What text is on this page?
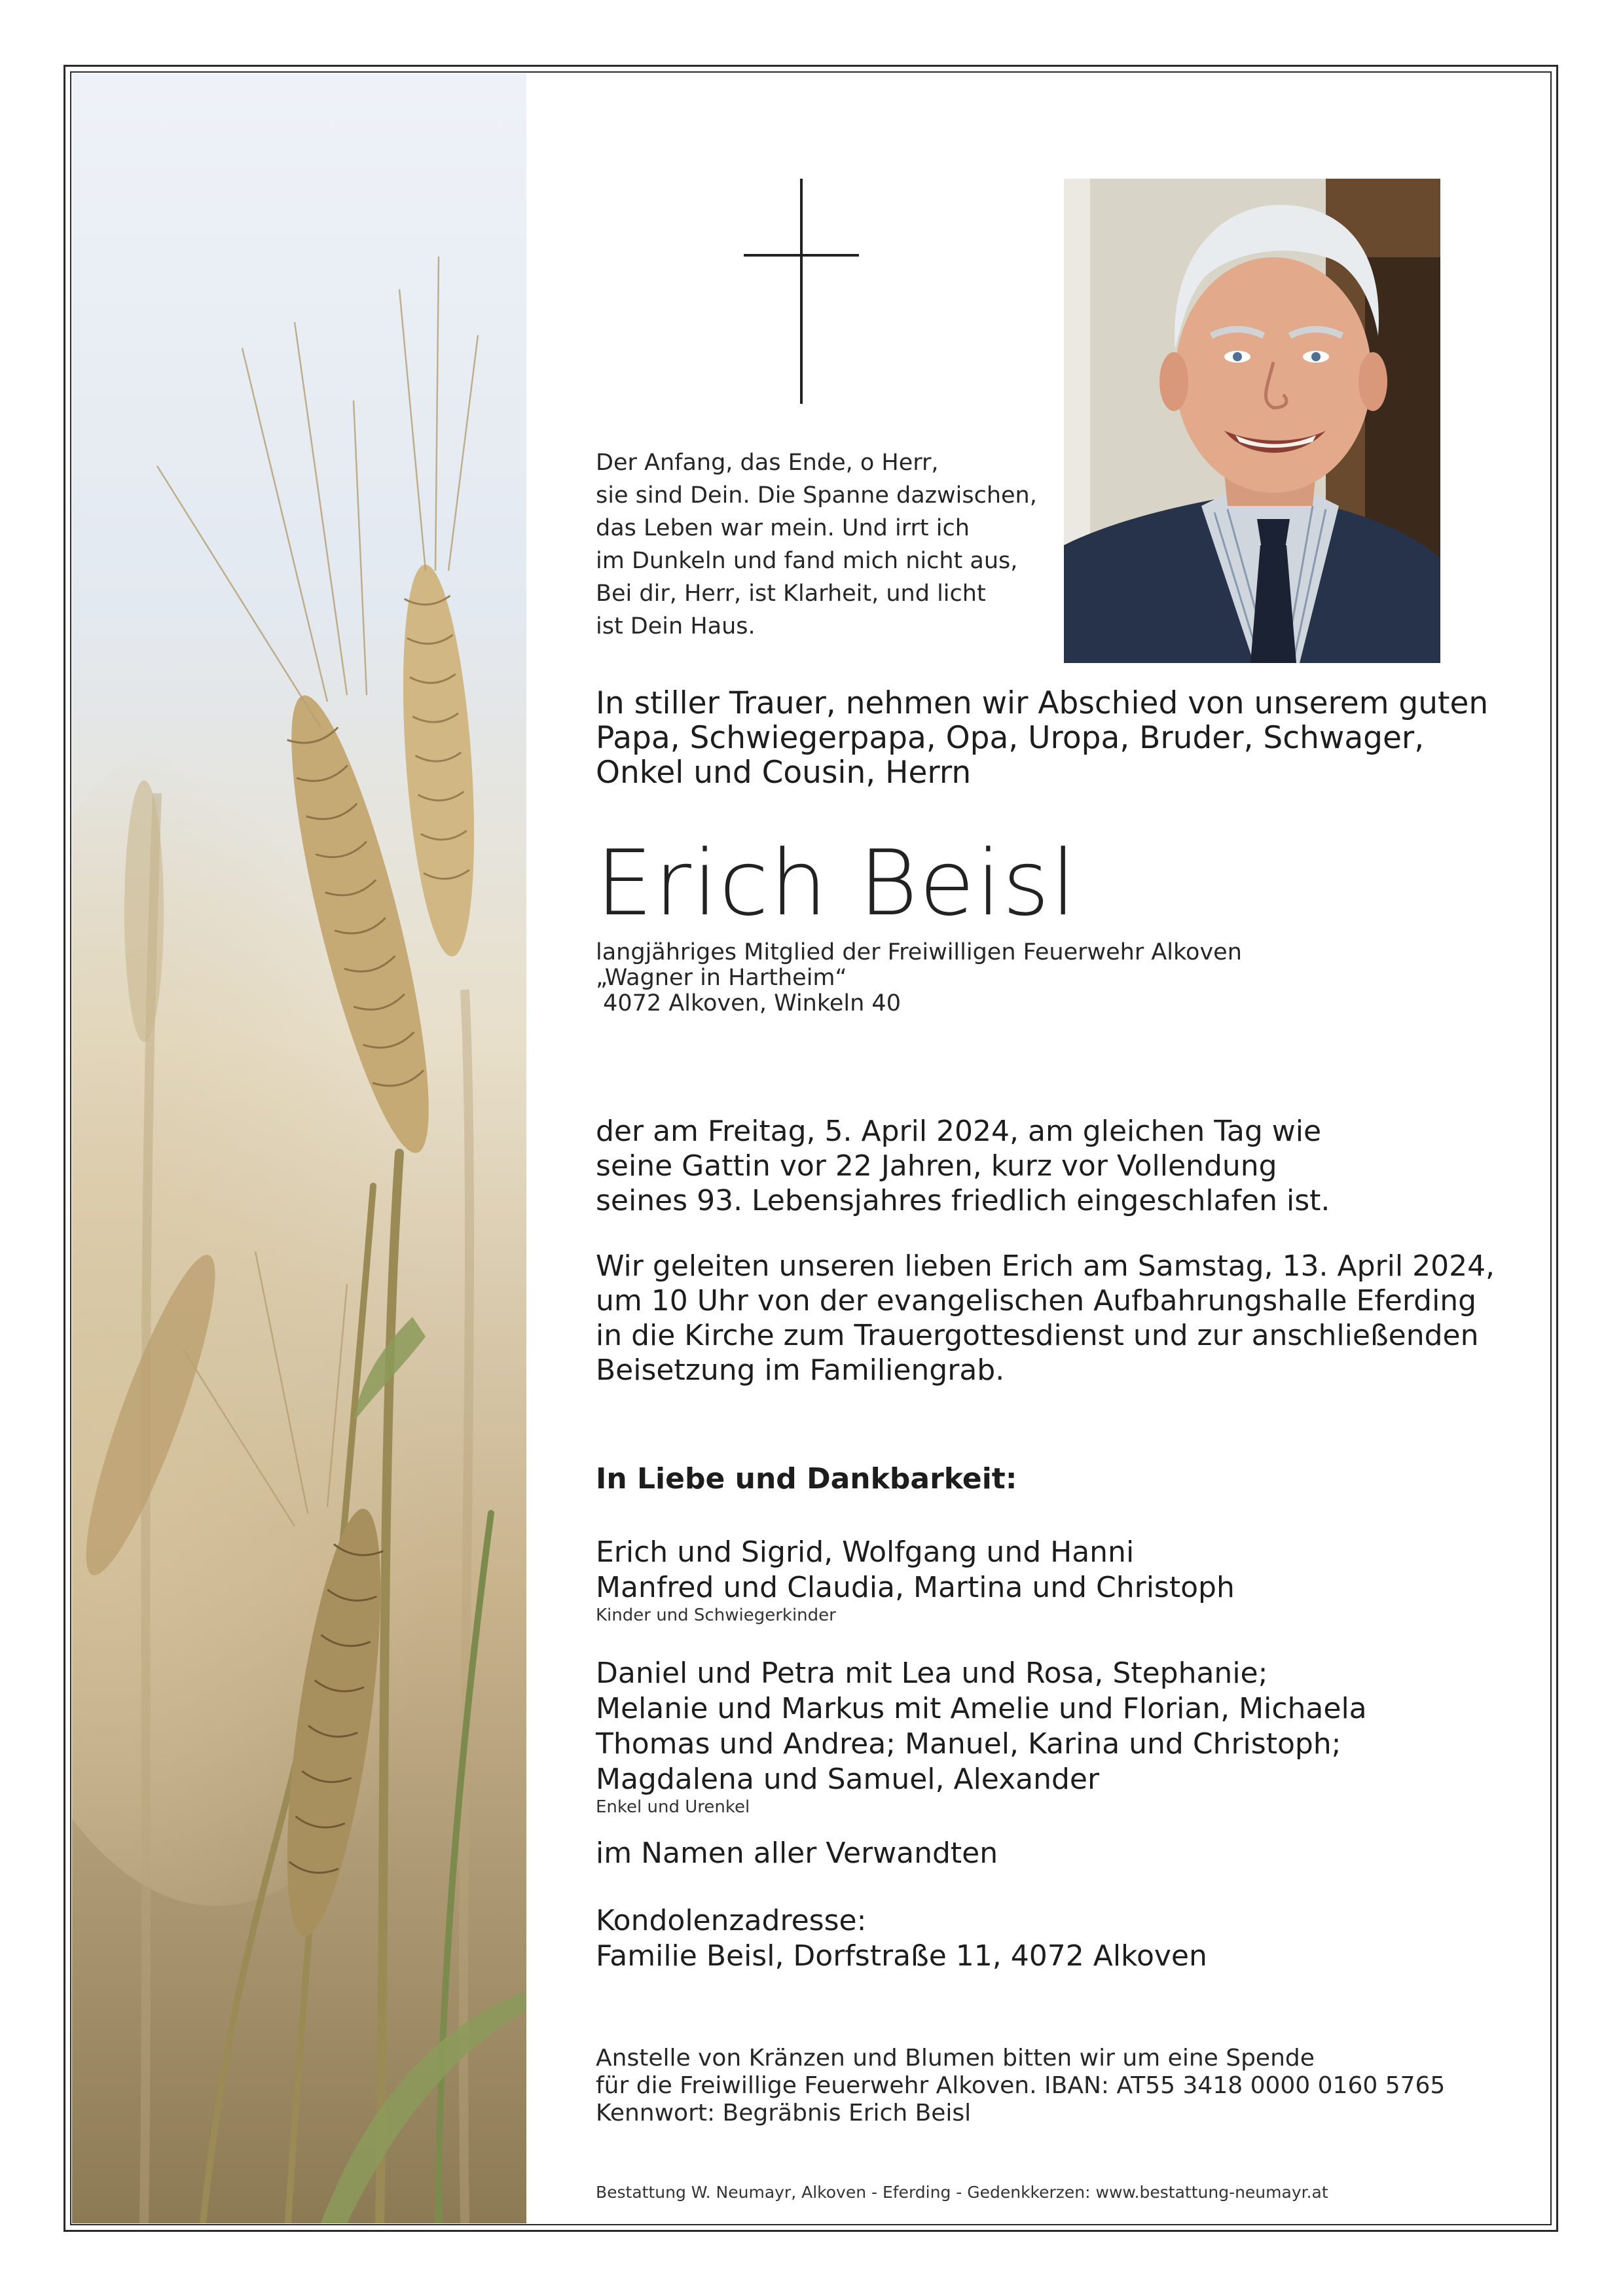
Der Anfang, das Ende, o Herr,
sie sind Dein. Die Spanne dazwischen,
das Leben war mein. Und irrt ich
im Dunkeln und fand mich nicht aus,
Bei dir, Herr, ist Klarheit, und licht
ist Dein Haus.
In stiller Trauer, nehmen wir Abschied von unserem guten
Papa, Schwiegerpapa, Opa, Uropa, Bruder, Schwager,
Onkel und Cousin, Herrn
Erich Beisl
langjähriges Mitglied der Freiwilligen Feuerwehr Alkoven
„Wagner in Hartheim“
4072 Alkoven, Winkeln 40
der am Freitag, 5. April 2024, am gleichen Tag wie
seine Gattin vor 22 Jahren, kurz vor Vollendung
seines 93. Lebensjahres friedlich eingeschlafen ist.
Wir geleiten unseren lieben Erich am Samstag, 13. April 2024,
um 10 Uhr von der evangelischen Aufbahrungshalle Eferding
in die Kirche zum Trauergottesdienst und zur anschließenden
Beisetzung im Familiengrab.
In Liebe und Dankbarkeit:
Erich und Sigrid, Wolfgang und Hanni
Manfred und Claudia, Martina und Christoph
Kinder und Schwiegerkinder
Daniel und Petra mit Lea und Rosa, Stephanie;
Melanie und Markus mit Amelie und Florian, Michaela
Thomas und Andrea; Manuel, Karina und Christoph;
Magdalena und Samuel, Alexander
Enkel und Urenkel
im Namen aller Verwandten
Kondolenzadresse:
Familie Beisl, Dorfstraße 11, 4072 Alkoven
Anstelle von Kränzen und Blumen bitten wir um eine Spende
für die Freiwillige Feuerwehr Alkoven. IBAN: AT55 3418 0000 0160 5765
Kennwort: Begräbnis Erich Beisl
Bestattung W. Neumayr, Alkoven - Eferding - Gedenkkerzen: www.bestattung-neumayr.at
